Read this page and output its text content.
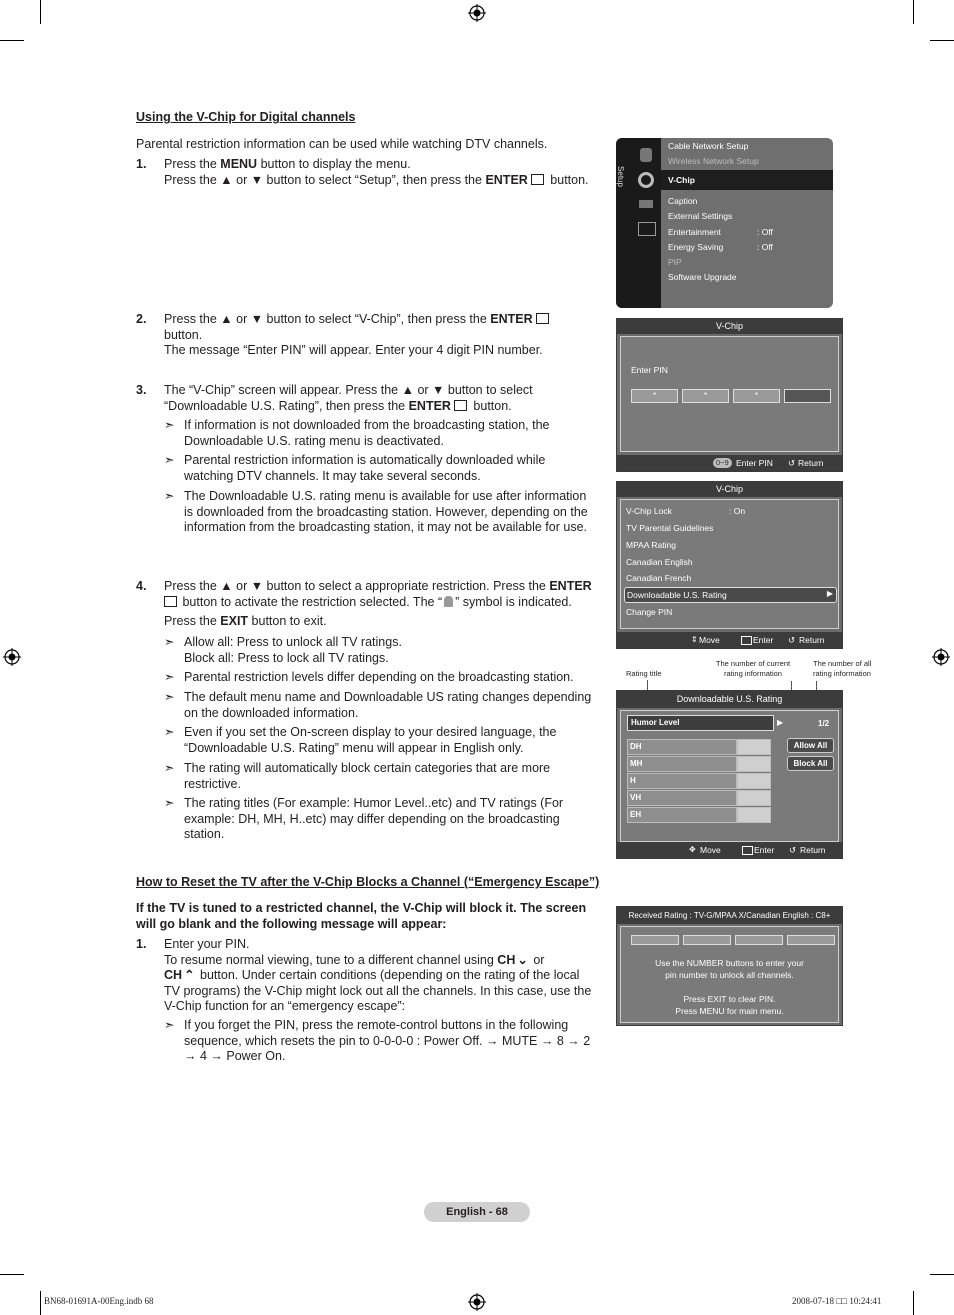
Using the V-Chip for Digital channels
Parental restriction information can be used while watching DTV channels.
1. Press the MENU button to display the menu.
Press the ▲ or ▼ button to select “Setup”, then press the ENTER button.
2. Press the ▲ or ▼ button to select “V-Chip”, then press the ENTER
button.
The message “Enter PIN” will appear. Enter your 4 digit PIN number.
3. The “V-Chip” screen will appear. Press the ▲ or ▼ button to select
“Downloadable U.S. Rating”, then press the ENTER button.
➣ If information is not downloaded from the broadcasting station, the
Downloadable U.S. rating menu is deactivated.
➣ Parental restriction information is automatically downloaded while
watching DTV channels. It may take several seconds.
➣ The Downloadable U.S. rating menu is available for use after information
is downloaded from the broadcasting station. However, depending on the
information from the broadcasting station, it may not be available for use.
4. Press the ▲ or ▼ button to select a appropriate restriction. Press the ENTER
button to activate the restriction selected. The “ ” symbol is indicated.
Press the EXIT button to exit.
➣ Allow all: Press to unlock all TV ratings.
Block all: Press to lock all TV ratings.
➣ Parental restriction levels differ depending on the broadcasting station.
➣ The default menu name and Downloadable US rating changes depending
on the downloaded information.
➣ Even if you set the On-screen display to your desired language, the
“Downloadable U.S. Rating” menu will appear in English only.
➣ The rating will automatically block certain categories that are more
restrictive.
➣ The rating titles (For example: Humor Level..etc) and TV ratings (For
example: DH, MH, H..etc) may differ depending on the broadcasting
station.
How to Reset the TV after the V-Chip Blocks a Channel (“Emergency Escape”)
If the TV is tuned to a restricted channel, the V-Chip will block it. The screen
will go blank and the following message will appear:
1. Enter your PIN.
To resume normal viewing, tune to a different channel using CH ⌄ or
CH ⌃ button. Under certain conditions (depending on the rating of the local
TV programs) the V-Chip might lock out all the channels. In this case, use the
V-Chip function for an “emergency escape”:
➣ If you forget the PIN, press the remote-control buttons in the following
sequence, which resets the pin to 0-0-0-0 : Power Off. → MUTE → 8 → 2
→ 4 → Power On.
Setup
Cable Network Setup
Wireless Network Setup
V-Chip
Caption
External Settings
Entertainment	: Off
Energy Saving	: Off
PIP
Software Upgrade
V-Chip
Enter PIN
*	*	*
0~9 Enter PIN ↺ Return
V-Chip
V-Chip Lock	: On
TV Parental Guidelines
MPAA Rating
Canadian English
Canadian French
Downloadable U.S. Rating	▶
Change PIN
⇕ Move	Enter ↺ Return
Rating title
The number of current
rating information
The number of all
rating information
Downloadable U.S. Rating
Humor Level	▶	1/2
DH
MH
H
VH
EH
Allow All
Block All
✥ Move	Enter ↺ Return
Received Rating : TV-G/MPAA X/Canadian English : C8+
Use the NUMBER buttons to enter your
pin number to unlock all channels.
Press EXIT to clear PIN.
Press MENU for main menu.
English - 68
BN68-01691A-00Eng.indb 68	2008-07-18 □□ 10:24:41
